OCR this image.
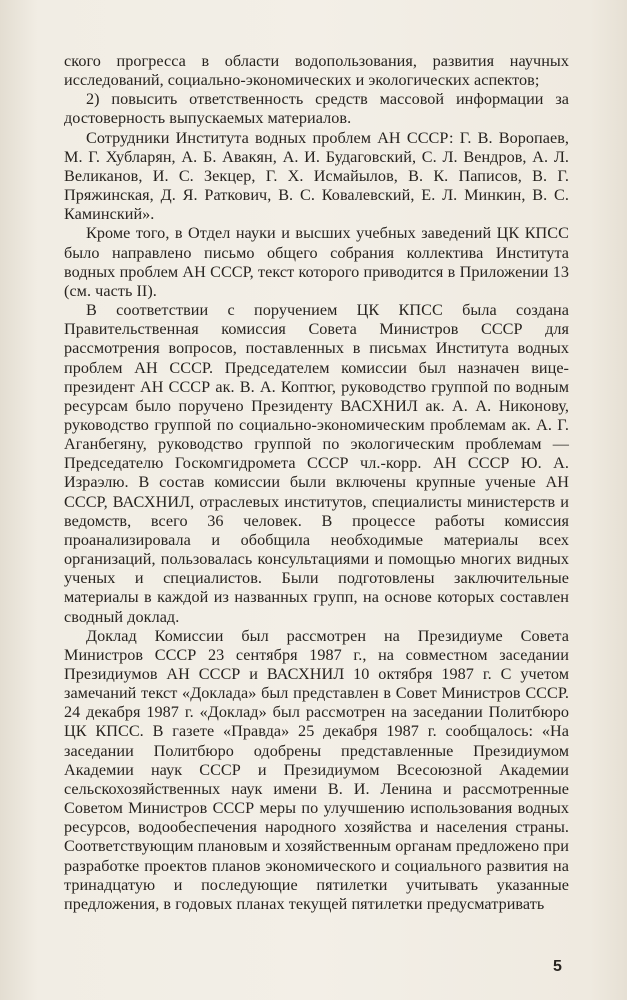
ского прогресса в области водопользования, развития научных исследований, социально-экономических и экологических аспектов;

2) повысить ответственность средств массовой информации за достоверность выпускаемых материалов.

Сотрудники Института водных проблем АН СССР: Г. В. Воропаев, М. Г. Хубларян, А. Б. Авакян, А. И. Будаговский, С. Л. Вендров, А. Л. Великанов, И. С. Зекцер, Г. Х. Исмайылов, В. К. Паписов, В. Г. Пряжинская, Д. Я. Раткович, В. С. Ковалевский, Е. Л. Минкин, В. С. Каминский».

Кроме того, в Отдел науки и высших учебных заведений ЦК КПСС было направлено письмо общего собрания коллектива Института водных проблем АН СССР, текст которого приводится в Приложении 13 (см. часть II).

В соответствии с поручением ЦК КПСС была создана Правительственная комиссия Совета Министров СССР для рассмотрения вопросов, поставленных в письмах Института водных проблем АН СССР. Председателем комиссии был назначен вице-президент АН СССР ак. В. А. Коптюг, руководство группой по водным ресурсам было поручено Президенту ВАСХНИЛ ак. А. А. Никонову, руководство группой по социально-экономическим проблемам ак. А. Г. Аганбегяну, руководство группой по экологическим проблемам — Председателю Госкомгидромета СССР чл.-корр. АН СССР Ю. А. Израэлю. В состав комиссии были включены крупные ученые АН СССР, ВАСХНИЛ, отраслевых институтов, специалисты министерств и ведомств, всего 36 человек. В процессе работы комиссия проанализировала и обобщила необходимые материалы всех организаций, пользовалась консультациями и помощью многих видных ученых и специалистов. Были подготовлены заключительные материалы в каждой из названных групп, на основе которых составлен сводный доклад.

Доклад Комиссии был рассмотрен на Президиуме Совета Министров СССР 23 сентября 1987 г., на совместном заседании Президиумов АН СССР и ВАСХНИЛ 10 октября 1987 г. С учетом замечаний текст «Доклада» был представлен в Совет Министров СССР. 24 декабря 1987 г. «Доклад» был рассмотрен на заседании Политбюро ЦК КПСС. В газете «Правда» 25 декабря 1987 г. сообщалось: «На заседании Политбюро одобрены представленные Президиумом Академии наук СССР и Президиумом Всесоюзной Академии сельскохозяйственных наук имени В. И. Ленина и рассмотренные Советом Министров СССР меры по улучшению использования водных ресурсов, водообеспечения народного хозяйства и населения страны. Соответствующим плановым и хозяйственным органам предложено при разработке проектов планов экономического и социального развития на тринадцатую и последующие пятилетки учитывать указанные предложения, в годовых планах текущей пятилетки предусматривать

5
